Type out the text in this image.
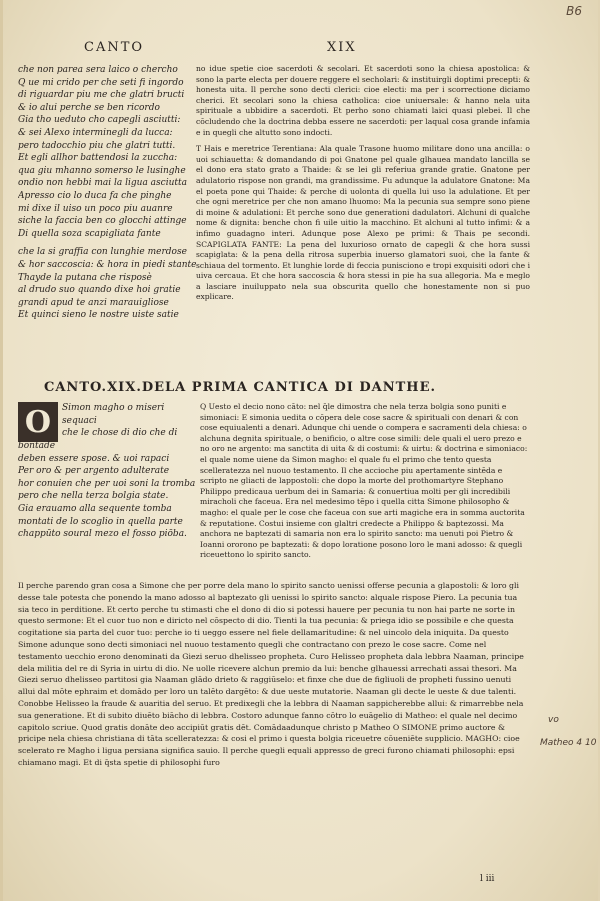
B6
CANTO	XIX

che non parea sera laico o chercho

Q ue mi crido per che seti fi ingordo

di riguardar piu me che glatri bructi

& io alui perche se ben ricordo

Gia tho ueduto cho capegli asciutti:

& sei Alexo interminegli da lucca:

pero tadocchio piu che glatri tutti.

Et egli allhor battendosi la zuccha:

qua giu mhanno somerso le lusinghe

ondio non hebbi mai la ligua asciutta

Apresso cio lo duca fa che pinghe

mi dixe il uiso un poco piu auanre

siche la faccia ben co glocchi attinge

Di quella soza scapigliata fante

che la si graffia con lunghie merdose

& hor saccoscia: & hora in piedi stante

Thayde la putana che risposè

al drudo suo quando dixe hoi gratie

grandi apud te anzi marauigliose

Et quinci sieno le nostre uiste satie

no idue spetie cioe sacerdoti & secolari. Et sacerdoti sono la chiesa apostolica: & sono la parte electa per douere reggere el secholari: & instituirgli doptimi precepti: & honesta uita. Il perche sono decti clerici: cioe electi: ma per i scorrectione diciamo cherici. Et secolari sono la chiesa catholica: cioe uniuersale: & hanno nela uita spirituale a ubbidire a sacerdoti. Et perho sono chiamati laici quasi plebei. Il che cōcludendo che la doctrina debba essere ne sacerdoti: per laqual cosa grande infamia e in quegli che altutto sono indocti.

T Hais e meretrice Terentiana: Ala quale Trasone huomo militare dono una ancilla: o uoi schiauetta: & domandando di poi Gnatone pel quale glhauea mandato lancilla se el dono era stato grato a Thaide: & se lei gli referiua grande gratie. Gnatone per adulatorio rispose non grandi, ma grandissime. Fu adunque la adulatore Gnatone: Ma el poeta pone qui Thaide: & perche di uolonta di quella lui uso la adulatione. Et per che ogni meretrice per che non amano lhuomo: Ma la pecunia sua sempre sono piene di moine & adulationi: Et perche sono due generationi dadulatori. Alchuni di qualche nome & dignita: benche chon fi uile uitio la macchino. Et alchuni al tutto infimi: & a infimo guadagno interi. Adunque pose Alexo pe primi: & Thais pe secondi. SCAPIGLATA FANTE: La pena del luxurioso ornato de capegli & che hora sussi scapiglata: & la pena della ritrosa superbia inuerso glamatori suoi, che la fante & schiaua del tormento. Et lunghie lorde di feccia punisciono e tropi exquisiti odori che i uiva cercaua. Et che hora saccoscia & hora stessi in pie ha sua allegoria. Ma e meglo a lasciare inuiluppato nela sua obscurita quello che honestamente non si puo explicare.

CANTO.XIX.DELA PRIMA CANTICA DI DANTHE.
O Simon magho o miseri

sequaci

che le chose di dio che di

bontade

deben essere spose. & uoi rapaci

Per oro & per argento adulterate

hor conuien che per uoi soni la tromba

pero che nella terza bolgia state.

Gia erauamo alla sequente tomba

montati de lo scoglio in quella parte

chappūto soural mezo el fosso piōba.

Q Uesto el decio nono cāto: nel q̄le dimostra che nela terza bolgia sono puniti e simoniaci: E simonia uedita o cōpera dele cose sacre & spirituali con denari & con cose equiualenti a denari. Adunque chi uende o compera e sacramenti dela chiesa: o alchuna degnita spirituale, o benificio, o altre cose simili: dele quali el uero prezo e no oro ne argento: ma sanctita di uita & di costumi: & uirtu: & doctrina e simoniaco: el quale nome uiene da Simon magho: el quale fu el primo che tento questa scelleratezza nel nuouo testamento. Il che accioche piu apertamente sintēda e scripto ne gliacti de lappostoli: che dopo la morte del prothomartyre Stephano Philippo predicaua uerbum dei in Samaria: & conuertiua molti per gli incredibili miracholi che faceua. Era nel medesimo tēpo i quella citta Simone philosopho & magho: el quale per le cose che faceua con sue arti magiche era in somma auctorita & reputatione. Costui insieme con glaltri credecte a Philippo & baptezossi. Ma anchora ne baptezati di samaria non era lo spirito sancto: ma uenuti poi Pietro & Ioanni ororono pe baptezati: & dopo loratione posono loro le mani adosso: & quegli riceuettono lo spirito sancto.

Il perche parendo gran cosa a Simone che per porre dela mano lo spirito sancto uenissi offerse pecunia a glapostoli: & loro gli desse tale potesta che ponendo la mano adosso al baptezato gli uenissi lo spirito sancto: alquale rispose Piero. La pecunia tua sia teco in perditione. Et certo perche tu stimasti che el dono di dio si potessi hauere per pecunia tu non hai parte ne sorte in questo sermone: Et el cuor tuo non e diricto nel cōspecto di dio. Tienti la tua pecunia: & priega idio se possibile e che questa cogitatione sia parta del cuor tuo: perche io ti ueggo essere nel fiele dellamaritudine: & nel uincolo dela iniquita. Da questo Simone adunque sono decti simoniaci nel nuouo testamento quegli che contractano con prezo le cose sacre. Come nel testamento uecchio erono denominati da Giezi seruo dhelisseo propheta. Curo Helisseo propheta dala lebbra Naaman, principe dela militia del re di Syria in uirtu di dio. Ne uolle ricevere alchun premio da lui: benche glhauessi arrechati assai thesori. Ma Giezi seruo dhelisseo partitosi gia Naaman glādo drieto & raggiūselo: et finxe che due de figliuoli de propheti fussino uenuti allui dal mōte ephraim et domādo per loro un talēto dargēto: & due ueste mutatorie. Naaman gli decte le ueste & due talenti. Conobbe Helisseo la fraude & auaritia del seruo. Et predixegli che la lebbra di Naaman sappicherebbe allui: & rimarrebbe nela sua generatione. Et di subito diuēto biācho di lebbra. Costoro adunque fanno cōtro lo euāgelio di Matheo: el quale nel decimo capitolo scriue. Quod gratis donāte deo accipiūt gratis dēt. Comādaadunque christo p Matheo O SIMONE primo auctore & pricipe nela chiesa christiana di tāta scelleratezza: & cosi el primo i questa bolgia riceuetre cōueniēte supplicio. MAGHO: cioe scelerato re Magho i ligua persiana significa sauio. Il perche quegli equali appresso de greci furono chiamati philosophi: epsi chiamano magi. Et di q̄sta spetie di philosophi furo

vo
Matheo 4 10
l iii
